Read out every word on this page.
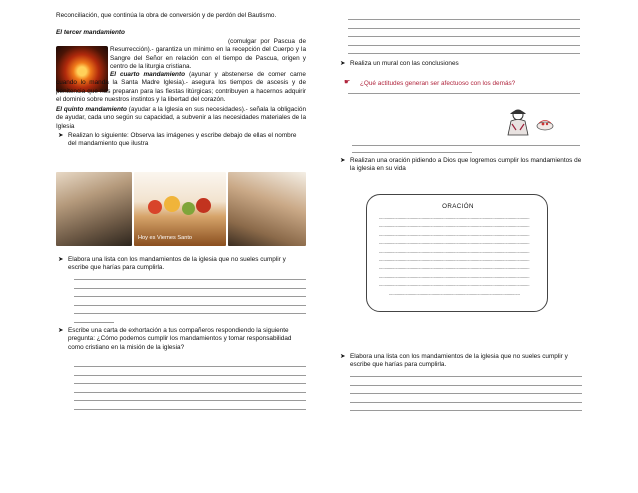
Reconciliación, que continúa la obra de conversión y de perdón del Bautismo.

El tercer mandamiento

(comulgar por Pascua de Resurrección).- garantiza un mínimo en la recepción del Cuerpo y la Sangre del Señor en relación con el tiempo de Pascua, origen y centro de la liturgia cristiana.

El cuarto mandamiento (ayunar y abstenerse de comer carne cuando lo manda la Santa Madre Iglesia).- asegura los tiempos de ascesis y de penitencia que nos preparan para las fiestas litúrgicas; contribuyen a hacernos adquirir el dominio sobre nuestros instintos y la libertad del corazón.

El quinto mandamiento (ayudar a la Iglesia en sus necesidades).- señala la obligación de ayudar, cada uno según su capacidad, a subvenir a las necesidades materiales de la Iglesia

➤ Realizan lo siguiente: Observa las imágenes y escribe debajo de ellas el nombre del mandamiento que ilustra
Hoy es Viernes Santo
➤ Elabora una lista con los mandamientos de la iglesia que no sueles cumplir y escribe que harías para cumplirla.
➤ Escribe una carta de exhortación a tus compañeros respondiendo la siguiente pregunta: ¿Cómo podemos cumplir los mandamientos y tomar responsabilidad como cristiano en la misión de la iglesia?
➤ Realiza un mural con las conclusiones
☛ ¿Qué actitudes generan ser afectuoso con los demás?
➤ Realizan una oración pidiendo a Dios que logremos cumplir los mandamientos de la iglesia en su vida
ORACIÓN
..........................................................................................................................................
..........................................................................................................................................
..........................................................................................................................................
..........................................................................................................................................
..........................................................................................................................................
..........................................................................................................................................
..........................................................................................................................................
..........................................................................................................................................
..........................................................................................................................................
........................................................................................................................
➤ Elabora una lista con los mandamientos de la iglesia que no sueles cumplir y escribe que harías para cumplirla.
